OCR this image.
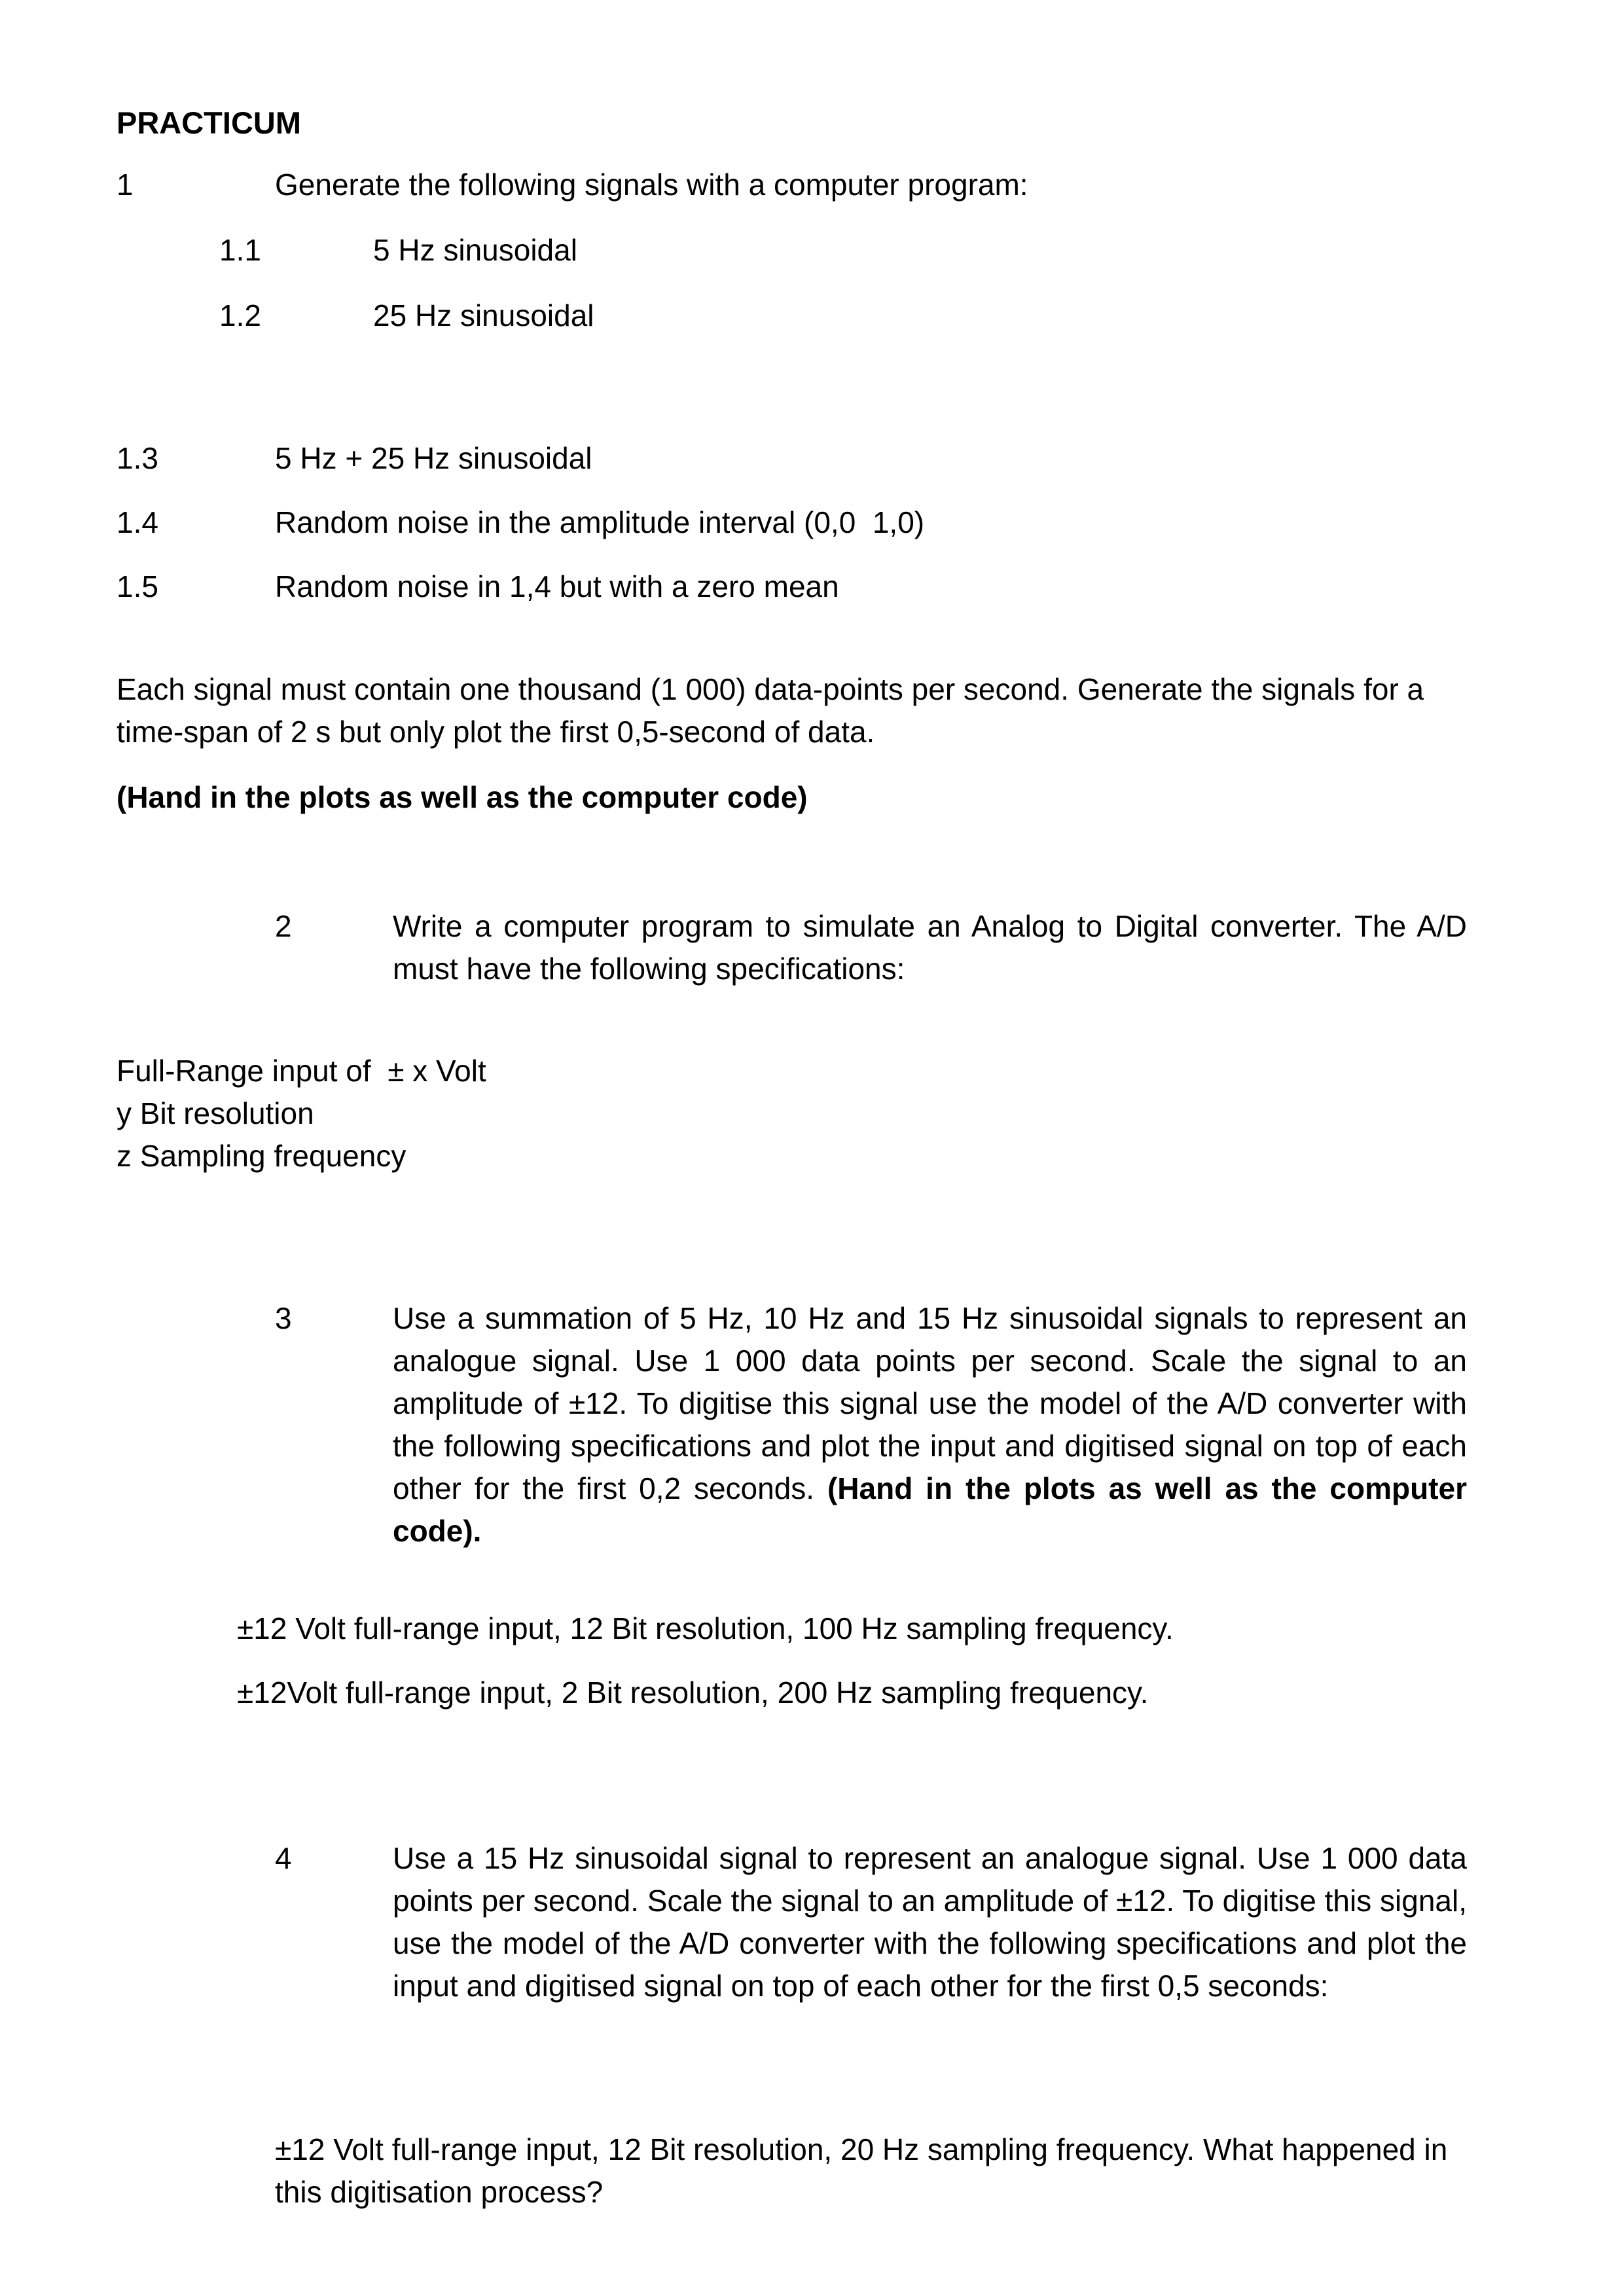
PRACTICUM
1	Generate the following signals with a computer program:
1.1	5 Hz sinusoidal
1.2	25 Hz sinusoidal
1.3	5 Hz + 25 Hz sinusoidal
1.4	Random noise in the amplitude interval (0,0  1,0)
1.5	Random noise in 1,4 but with a zero mean
Each signal must contain one thousand (1 000) data-points per second. Generate the signals for a time-span of 2 s but only plot the first 0,5-second of data.
(Hand in the plots as well as the computer code)
2	Write a computer program to simulate an Analog to Digital converter. The A/D must have the following specifications:
Full-Range input of  ± x Volt
y Bit resolution
z Sampling frequency
3	Use a summation of 5 Hz, 10 Hz and 15 Hz sinusoidal signals to represent an analogue signal. Use 1 000 data points per second. Scale the signal to an amplitude of ±12. To digitise this signal use the model of the A/D converter with the following specifications and plot the input and digitised signal on top of each other for the first 0,2 seconds. (Hand in the plots as well as the computer code).
±12 Volt full-range input, 12 Bit resolution, 100 Hz sampling frequency.
±12Volt full-range input, 2 Bit resolution, 200 Hz sampling frequency.
4	Use a 15 Hz sinusoidal signal to represent an analogue signal. Use 1 000 data points per second. Scale the signal to an amplitude of ±12. To digitise this signal, use the model of the A/D converter with the following specifications and plot the input and digitised signal on top of each other for the first 0,5 seconds:
±12 Volt full-range input, 12 Bit resolution, 20 Hz sampling frequency. What happened in this digitisation process?
